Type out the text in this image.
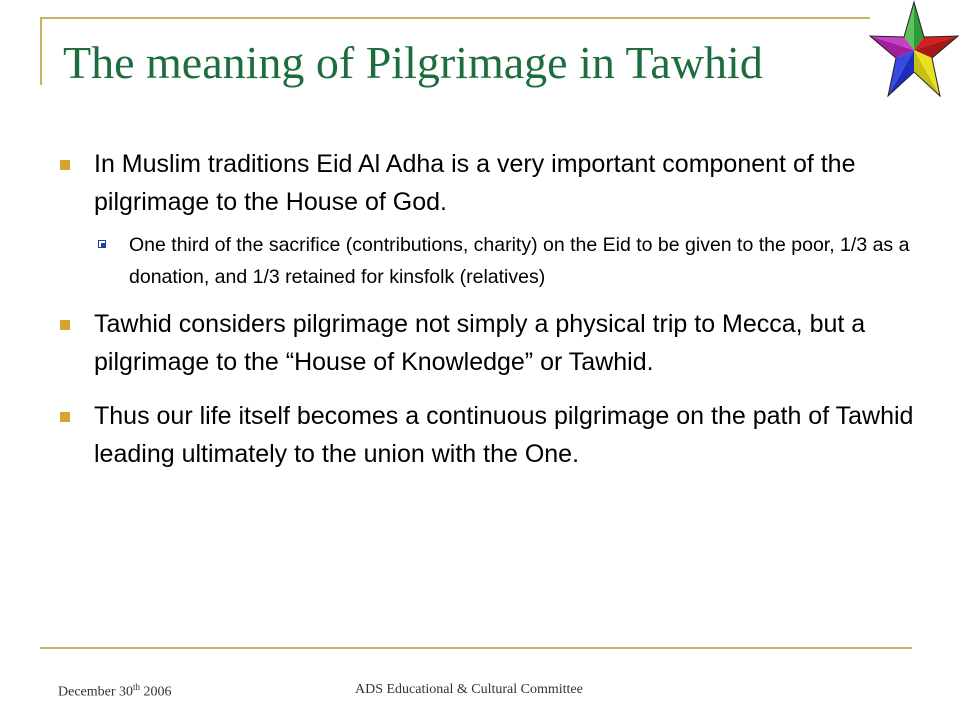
The meaning of Pilgrimage in Tawhid
In Muslim traditions Eid Al Adha is a very important component of the pilgrimage to the House of God.
One third of the sacrifice (contributions, charity) on the Eid to be given to the poor, 1/3 as a donation, and 1/3 retained for kinsfolk (relatives)
Tawhid considers pilgrimage not simply a physical trip to Mecca, but a pilgrimage to the “House of Knowledge” or Tawhid.
Thus our life itself becomes a continuous pilgrimage on the path of Tawhid leading ultimately to the union with the One.
December 30th 2006	ADS Educational & Cultural Committee
